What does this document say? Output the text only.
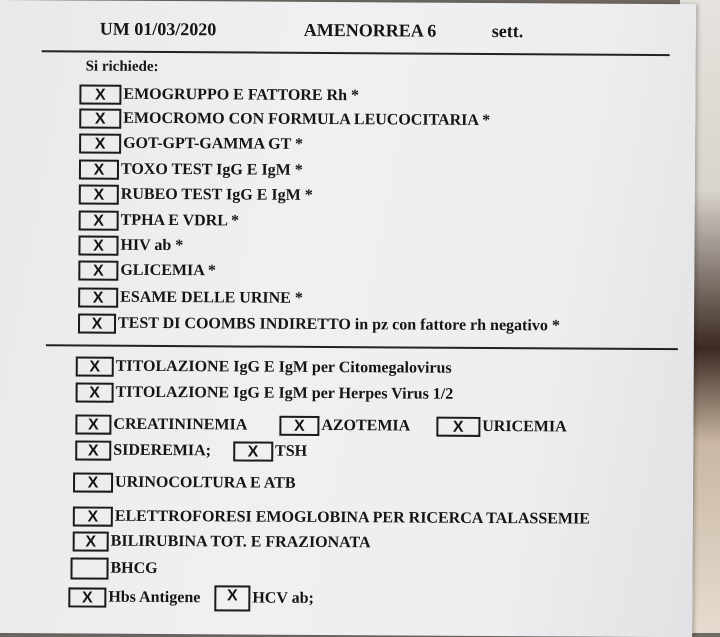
UM 01/03/2020	AMENORREA 6	sett.
Si richiede:
X	EMOGRUPPO E FATTORE Rh *
X	EMOCROMO CON FORMULA LEUCOCITARIA *
X	GOT-GPT-GAMMA GT *
X	TOXO TEST IgG E IgM *
X	RUBEO TEST IgG E IgM *
X	TPHA E VDRL *
X	HIV ab *
X	GLICEMIA *
X	ESAME DELLE URINE *
X TEST DI COOMBS INDIRETTO in pz con fattore rh negativo *
X TITOLAZIONE IgG E IgM per Citomegalovirus
X TITOLAZIONE IgG E IgM per Herpes Virus 1/2
X CREATININEMIA	X	AZOTEMIA	X	URICEMIA
X SIDEREMIA;	X	TSH
X	URINOCOLTURA E ATB
X	ELETTROFORESI EMOGLOBINA PER RICERCA TALASSEMIE
X BILIRUBINA TOT. E FRAZIONATA
BHCG
X Hbs Antigene	X HCV ab;
